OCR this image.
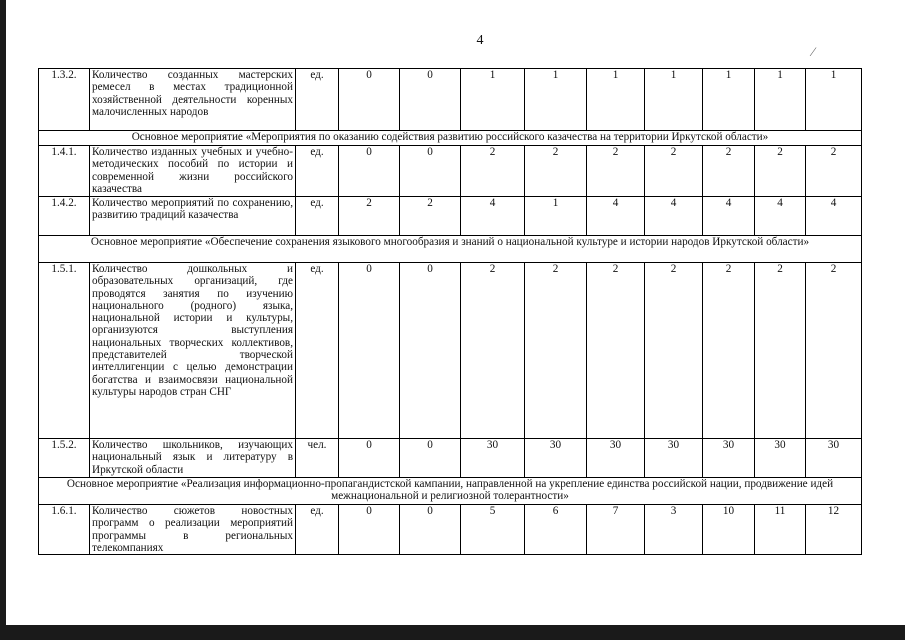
4
∕
1.3.2.	Количество созданных мастерских ремесел в местах традиционной хозяйственной деятельности коренных малочисленных народов	ед.	0	0	1	1	1	1	1	1	1
Основное мероприятие «Мероприятия по оказанию содействия развитию российского казачества на территории Иркутской области»											
1.4.1.	Количество изданных учебных и учебно-методических пособий по истории и современной жизни российского казачества	ед.	0	0	2	2	2	2	2	2	2
1.4.2.	Количество мероприятий по сохранению, развитию традиций казачества	ед.	2	2	4	1	4	4	4	4	4
Основное мероприятие «Обеспечение сохранения языкового многообразия и знаний о национальной культуре и истории народов Иркутской области»											
1.5.1.	Количество дошкольных и образовательных организаций, где проводятся занятия по изучению национального (родного) языка, национальной истории и культуры, организуются выступления национальных творческих коллективов, представителей творческой интеллигенции с целью демонстрации богатства и взаимосвязи национальной культуры народов стран СНГ	ед.	0	0	2	2	2	2	2	2	2
1.5.2.	Количество школьников, изучающих национальный язык и литературу в Иркутской области	чел.	0	0	30	30	30	30	30	30	30
Основное мероприятие «Реализация информационно-пропагандистской кампании, направленной на укрепление единства российской нации, продвижение идей межнациональной и религиозной толерантности»											
1.6.1.	Количество сюжетов новостных программ о реализации мероприятий программы в региональных телекомпаниях	ед.	0	0	5	6	7	3	10	11	12
